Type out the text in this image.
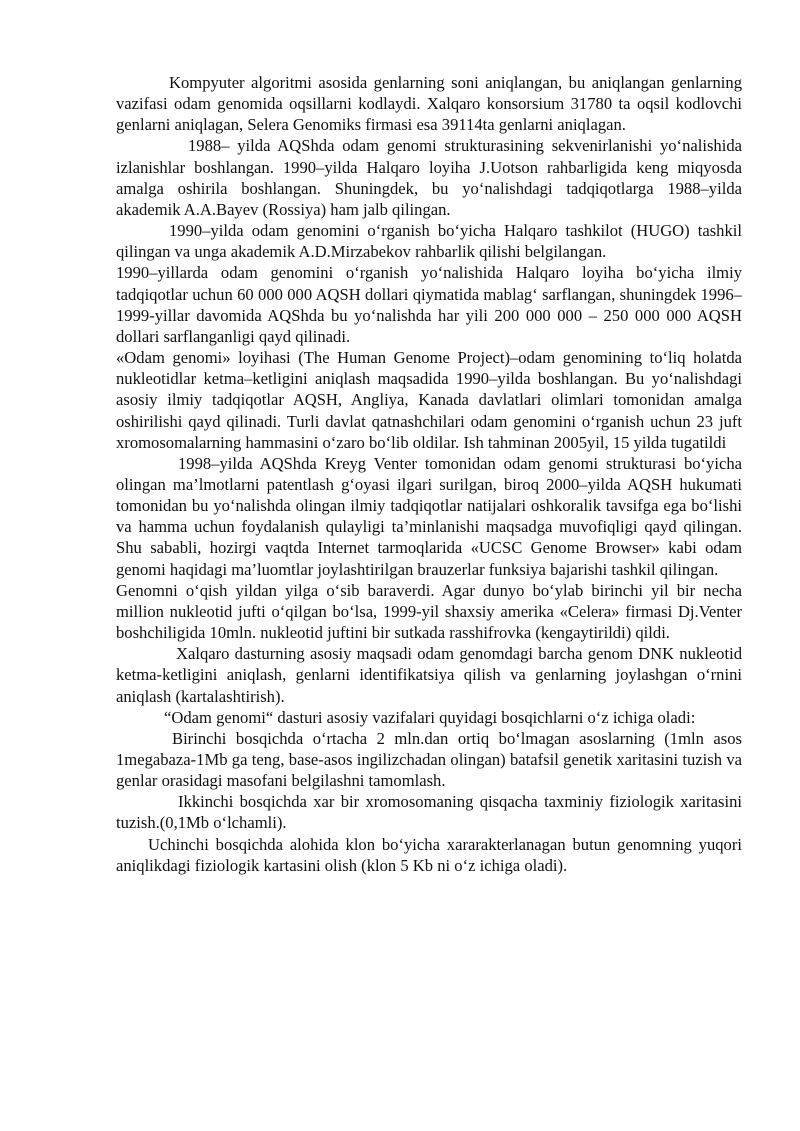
Kompyuter algoritmi asosida genlarning soni aniqlangan, bu aniqlangan genlarning vazifasi odam genomida oqsillarni kodlaydi. Xalqaro konsorsium 31780 ta oqsil kodlovchi genlarni aniqlagan, Selera Genomiks firmasi esa 39114ta genlarni aniqlagan.

1988– yilda AQShda odam genomi strukturasining sekvenirlanishi yo‘nalishida izlanishlar boshlangan. 1990–yilda Halqaro loyiha J.Uotson rahbarligida keng miqyosda amalga oshirila boshlangan. Shuningdek, bu yo‘nalishdagi tadqiqotlarga 1988–yilda akademik A.A.Bayev (Rossiya) ham jalb qilingan.

1990–yilda odam genomini o‘rganish bo‘yicha Halqaro tashkilot (HUGO) tashkil qilingan va unga akademik A.D.Mirzabekov rahbarlik qilishi belgilangan.

1990–yillarda odam genomini o‘rganish yo‘nalishida Halqaro loyiha bo‘yicha ilmiy tadqiqotlar uchun 60 000 000 AQSH dollari qiymatida mablag‘ sarflangan, shuningdek 1996–1999-yillar davomida AQShda bu yo‘nalishda har yili 200 000 000 – 250 000 000 AQSH dollari sarflanganligi qayd qilinadi.

«Odam genomi» loyihasi (The Human Genome Project)–odam genomining to‘liq holatda nukleotidlar ketma–ketligini aniqlash maqsadida 1990–yilda boshlangan. Bu yo‘nalishdagi asosiy ilmiy tadqiqotlar AQSH, Angliya, Kanada davlatlari olimlari tomonidan amalga oshirilishi qayd qilinadi. Turli davlat qatnashchilari odam genomini o‘rganish uchun 23 juft xromosomalarning hammasini o‘zaro bo‘lib oldilar. Ish tahminan 2005yil, 15 yilda tugatildi

1998–yilda AQShda Kreyg Venter tomonidan odam genomi strukturasi bo‘yicha olingan ma’lmotlarni patentlash g‘oyasi ilgari surilgan, biroq 2000–yilda AQSH hukumati tomonidan bu yo‘nalishda olingan ilmiy tadqiqotlar natijalari oshkoralik tavsifga ega bo‘lishi va hamma uchun foydalanish qulayligi ta’minlanishi maqsadga muvofiqligi qayd qilingan. Shu sababli, hozirgi vaqtda Internet tarmoqlarida «UCSC Genome Browser» kabi odam genomi haqidagi ma’luomtlar joylashtirilgan brauzerlar funksiya bajarishi tashkil qilingan.

Genomni o‘qish yildan yilga o‘sib baraverdi. Agar dunyo bo‘ylab birinchi yil bir necha million nukleotid jufti o‘qilgan bo‘lsa, 1999-yil shaxsiy amerika «Celera» firmasi Dj.Venter boshchiligida 10mln. nukleotid juftini bir sutkada rasshifrovka (kengaytirildi) qildi.

Xalqaro dasturning asosiy maqsadi odam genomdagi barcha genom DNK nukleotid ketma-ketligini aniqlash, genlarni identifikatsiya qilish va genlarning joylashgan o‘rnini aniqlash (kartalashtirish).

“Odam genomi“ dasturi asosiy vazifalari quyidagi bosqichlarni o‘z ichiga oladi:

Birinchi bosqichda o‘rtacha 2 mln.dan ortiq bo‘lmagan asoslarning (1mln asos 1megabaza-1Mb ga teng, base-asos ingilizchadan olingan) batafsil genetik xaritasini tuzish va genlar orasidagi masofani belgilashni tamomlash.

Ikkinchi bosqichda xar bir xromosomaning qisqacha taxminiy fiziologik xaritasini tuzish.(0,1Mb o‘lchamli).

Uchinchi bosqichda alohida klon bo‘yicha xararakterlanagan butun genomning yuqori aniqlikdagi fiziologik kartasini olish (klon 5 Kb ni o‘z ichiga oladi).
